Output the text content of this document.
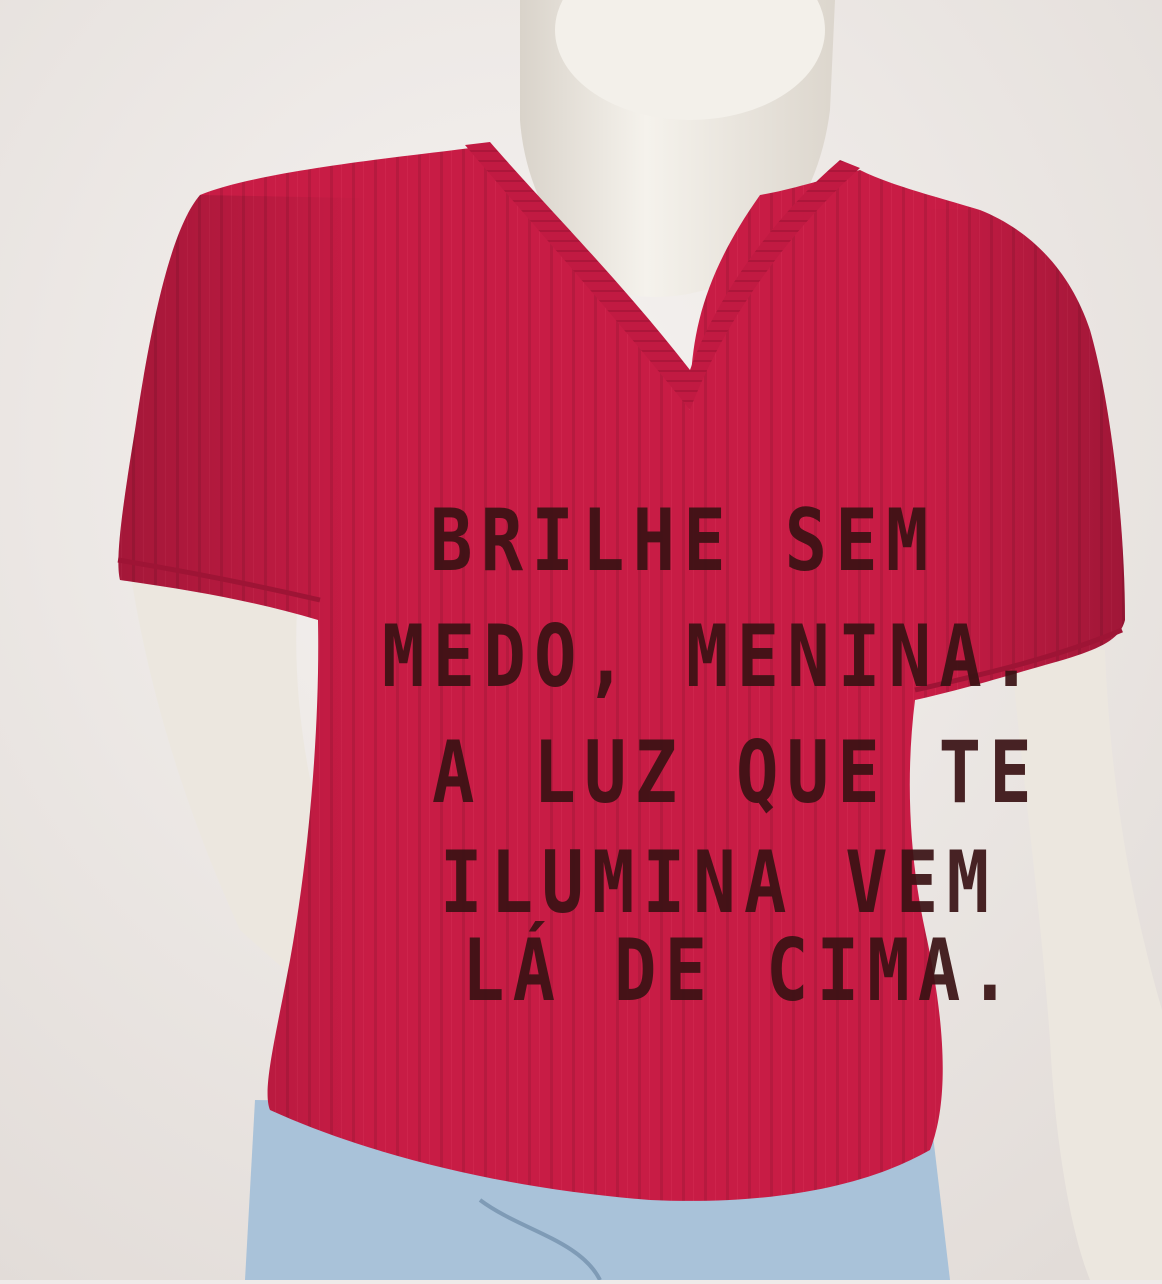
BRILHE SEM
MEDO, MENINA.
A LUZ QUE TE
ILUMINA VEM
LÁ DE CIMA.
